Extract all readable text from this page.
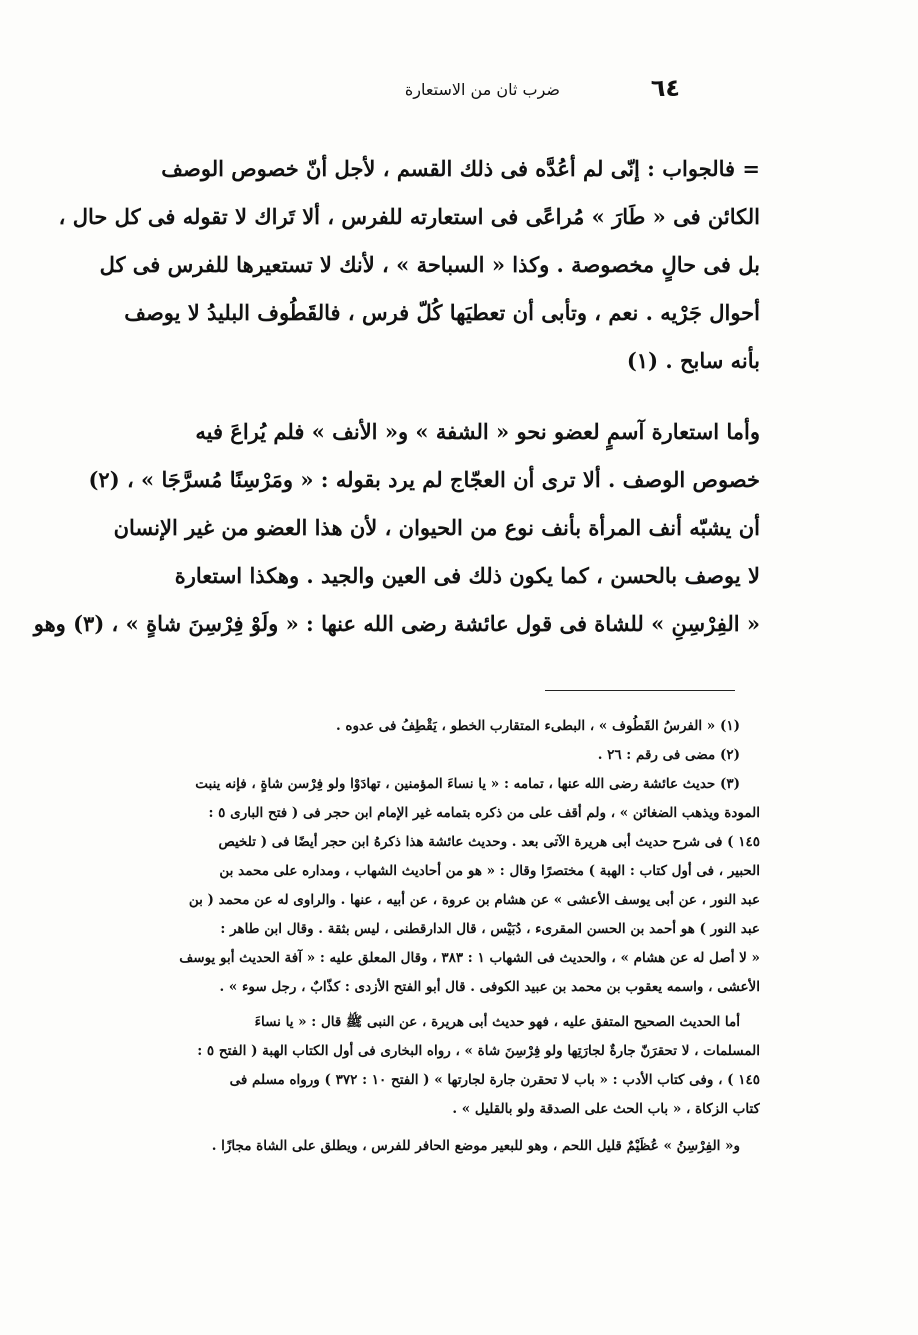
٦٤
ضرب ثان من الاستعارة

= فالجواب : إنّى لم أعُدَّه فى ذلك القسم ، لأجل أنّ خصوص الوصف

الكائن فى « طَارَ » مُراعًى فى استعارته للفرس ، ألا تَراك لا تقوله فى كل حال ،

بل فى حالٍ مخصوصة . وكذا « السباحة » ، لأنك لا تستعيرها للفرس فى كل

أحوال جَرْيه . نعم ، وتأبى أن تعطيَها كُلّ فرس ، فالقَطُوف البليدُ لا يوصف

بأنه سابح . (١)

وأما استعارة آسمٍ لعضو نحو « الشفة » و« الأنف » فلم يُراعَ فيه

خصوص الوصف . ألا ترى أن العجّاج لم يرد بقوله : « ومَرْسِنًا مُسرَّجَا » ، (٢)

أن يشبّه أنف المرأة بأنف نوع من الحيوان ، لأن هذا العضو من غير الإنسان

لا يوصف بالحسن ، كما يكون ذلك فى العين والجيد . وهكذا استعارة

« الفِرْسِنِ » للشاة فى قول عائشة رضى الله عنها : « ولَوْ فِرْسِنَ شاةٍ » ، (٣) وهو

(١) « الفرسُ القَطُوف » ، البطىء المتقارب الخطو ، يَقْطِفُ فى عدوه .

(٢) مضى فى رقم : ٢٦ .

(٣) حديث عائشة رضى الله عنها ، تمامه : « يا نساءَ المؤمنين ، تهادَوْا ولو فِرْسن شاةٍ ، فإنه ينبت

المودة ويذهب الضغائن » ، ولم أقف على من ذكره بتمامه غير الإمام ابن حجر فى ( فتح البارى ٥ :

١٤٥ ) فى شرح حديث أبى هريرة الآتى بعد . وحديث عائشة هذا ذكرهُ ابن حجر أيضًا فى ( تلخيص

الحبير ، فى أول كتاب : الهبة ) مختصرًا وقال : « هو من أحاديث الشهاب ، ومداره على محمد بن

عبد النور ، عن أبى يوسف الأعشى » عن هشام بن عروة ، عن أبيه ، عنها . والراوى له عن محمد ( بن

عبد النور ) هو أحمد بن الحسن المقرىء ، دُبَيْس ، قال الدارقطنى ، ليس بثقة . وقال ابن طاهر :

« لا أصل له عن هشام » ، والحديث فى الشهاب ١ : ٣٨٣ ، وقال المعلق عليه : « آفة الحديث أبو يوسف

الأعشى ، واسمه يعقوب بن محمد بن عبيد الكوفى . قال أبو الفتح الأزدى : كذّابٌ ، رجل سوء » .

أما الحديث الصحيح المتفق عليه ، فهو حديث أبى هريرة ، عن النبى ﷺ قال : « يا نساءَ

المسلمات ، لا تحقرَنّ جارةٌ لجارَتِها ولو فِرْسِنَ شاة » ، رواه البخارى فى أول الكتاب الهبة ( الفتح ٥ :

١٤٥ ) ، وفى كتاب الأدب : « باب لا تحقرن جارة لجارتها » ( الفتح ١٠ : ٣٧٢ ) ورواه مسلم فى

كتاب الزكاة ، « باب الحث على الصدقة ولو بالقليل » .

و« الفِرْسِنُ » عُظَيْمٌ قليل اللحم ، وهو للبعير موضع الحافر للفرس ، ويطلق على الشاة مجازًا .
